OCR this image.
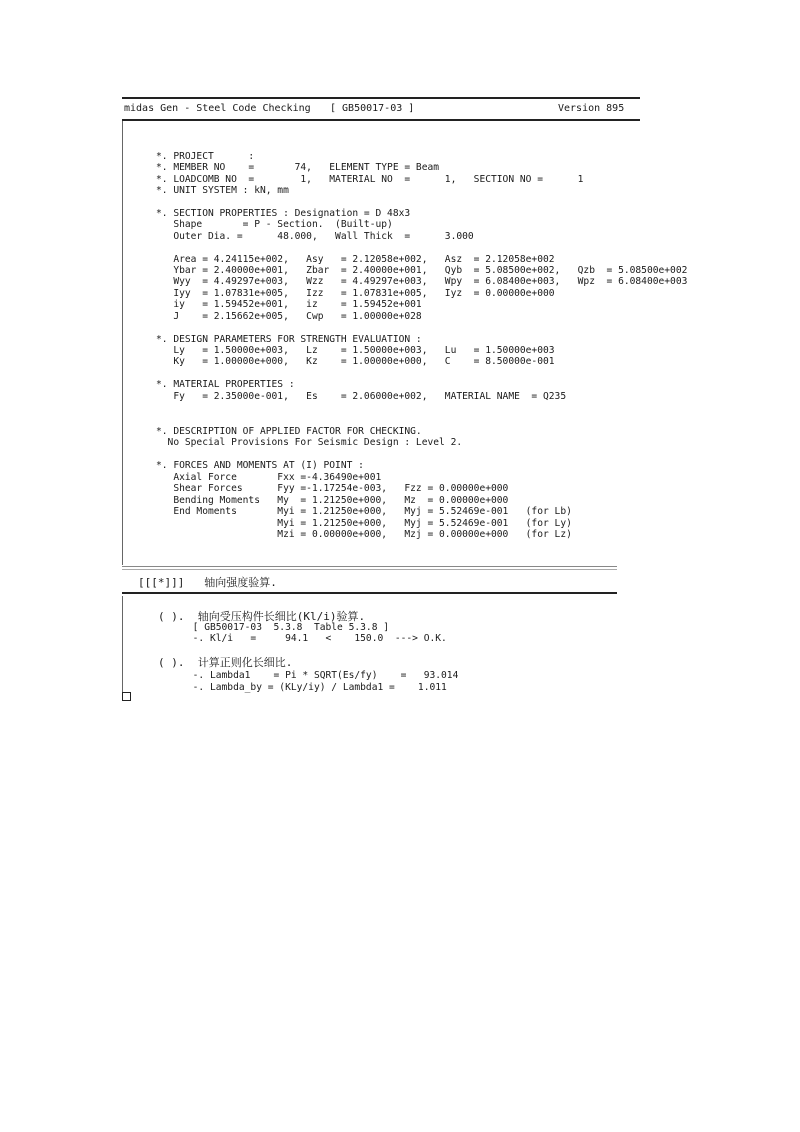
midas Gen - Steel Code Checking [ GB50017-03 ]	Version 895
*. PROJECT      :
*. MEMBER NO    =       74,   ELEMENT TYPE = Beam
*. LOADCOMB NO  =        1,   MATERIAL NO  =      1,   SECTION NO =      1
*. UNIT SYSTEM : kN, mm
*. SECTION PROPERTIES : Designation = D 48x3
Shape       = P - Section.  (Built-up)
Outer Dia. =      48.000,   Wall Thick  =      3.000
Area = 4.24115e+002,   Asy   = 2.12058e+002,   Asz  = 2.12058e+002
Ybar = 2.40000e+001,   Zbar  = 2.40000e+001,   Qyb  = 5.08500e+002,   Qzb  = 5.08500e+002
Wyy  = 4.49297e+003,   Wzz   = 4.49297e+003,   Wpy  = 6.08400e+003,   Wpz  = 6.08400e+003
Iyy  = 1.07831e+005,   Izz   = 1.07831e+005,   Iyz  = 0.00000e+000
iy   = 1.59452e+001,   iz    = 1.59452e+001
J    = 2.15662e+005,   Cwp   = 1.00000e+028
*. DESIGN PARAMETERS FOR STRENGTH EVALUATION :
Ly   = 1.50000e+003,   Lz    = 1.50000e+003,   Lu   = 1.50000e+003
Ky   = 1.00000e+000,   Kz    = 1.00000e+000,   C    = 8.50000e-001
*. MATERIAL PROPERTIES :
Fy   = 2.35000e-001,   Es    = 2.06000e+002,   MATERIAL NAME  = Q235
*. DESCRIPTION OF APPLIED FACTOR FOR CHECKING.
No Special Provisions For Seismic Design : Level 2.
*. FORCES AND MOMENTS AT (I) POINT :
Axial Force       Fxx =-4.36490e+001
Shear Forces      Fyy =-1.17254e-003,   Fzz = 0.00000e+000
Bending Moments   My  = 1.21250e+000,   Mz  = 0.00000e+000
End Moments       Myi = 1.21250e+000,   Myj = 5.52469e-001   (for Lb)
Myi = 1.21250e+000,   Myj = 5.52469e-001   (for Ly)
Mzi = 0.00000e+000,   Mzj = 0.00000e+000   (for Lz)
[[[*]]]   轴向强度验算.
( ).  轴向受压构件长细比(Kl/i)验算.
[ GB50017-03  5.3.8  Table 5.3.8 ]
-. Kl/i   =     94.1   <    150.0  ---> O.K.
( ).  计算正则化长细比.
-. Lambda1    = Pi * SQRT(Es/fy)    =   93.014
-. Lambda_by = (KLy/iy) / Lambda1 =    1.011
